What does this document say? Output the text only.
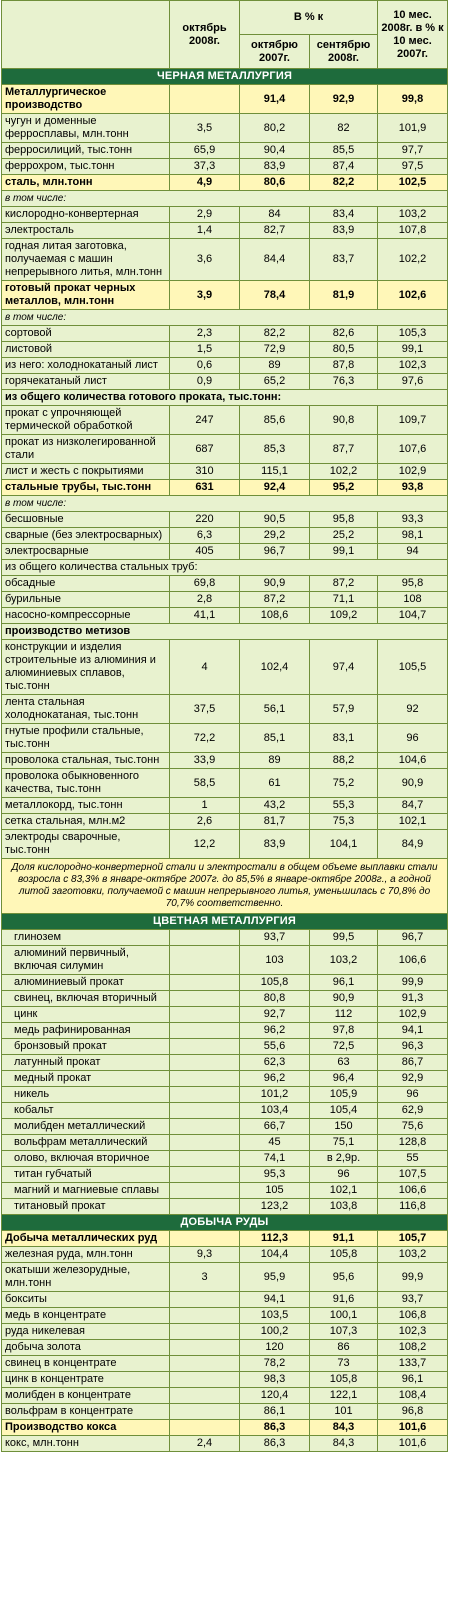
	октябрь 2008г.	В % к		10 мес. 2008г. в % к 10 мес. 2007г.
		октябрю 2007г.	сентябрю 2008г.	
ЧЕРНАЯ МЕТАЛЛУРГИЯ				
Металлургическое производство		91,4	92,9	99,8
чугун и доменные ферросплавы, млн.тонн	3,5	80,2	82	101,9
ферросилиций, тыс.тонн	65,9	90,4	85,5	97,7
феррохром, тыс.тонн	37,3	83,9	87,4	97,5
сталь, млн.тонн	4,9	80,6	82,2	102,5
в том числе:				
кислородно-конвертерная	2,9	84	83,4	103,2
электросталь	1,4	82,7	83,9	107,8
годная литая заготовка, получаемая с машин непрерывного литья, млн.тонн	3,6	84,4	83,7	102,2
готовый прокат черных металлов, млн.тонн	3,9	78,4	81,9	102,6
в том числе:				
сортовой	2,3	82,2	82,6	105,3
листовой	1,5	72,9	80,5	99,1
из него: холоднокатаный лист	0,6	89	87,8	102,3
горячекатаный лист	0,9	65,2	76,3	97,6
из общего количества готового проката, тыс.тонн:				
прокат с упрочняющей термической обработкой	247	85,6	90,8	109,7
прокат из низколегированной стали	687	85,3	87,7	107,6
лист и жесть с покрытиями	310	115,1	102,2	102,9
стальные трубы, тыс.тонн	631	92,4	95,2	93,8
в том числе:				
бесшовные	220	90,5	95,8	93,3
сварные (без электросварных)	6,3	29,2	25,2	98,1
электросварные	405	96,7	99,1	94
из общего количества стальных труб:				
обсадные	69,8	90,9	87,2	95,8
бурильные	2,8	87,2	71,1	108
насосно-компрессорные	41,1	108,6	109,2	104,7
производство метизов				
конструкции и изделия строительные из алюминия и алюминиевых сплавов, тыс.тонн	4	102,4	97,4	105,5
лента стальная холоднокатаная, тыс.тонн	37,5	56,1	57,9	92
гнутые профили стальные, тыс.тонн	72,2	85,1	83,1	96
проволока стальная, тыс.тонн	33,9	89	88,2	104,6
проволока обыкновенного качества, тыс.тонн	58,5	61	75,2	90,9
металлокорд, тыс.тонн	1	43,2	55,3	84,7
сетка стальная, млн.м2	2,6	81,7	75,3	102,1
электроды сварочные, тыс.тонн	12,2	83,9	104,1	84,9
Доля кислородно-конвертерной стали и электростали в общем объеме выплавки стали возросла с 83,3% в январе-октябре 2007г. до 85,5% в январе-октябре 2008г., а годной литой заготовки, получаемой с машин непрерывного литья, уменьшилась с 70,8% до 70,7% соответственно.				
ЦВЕТНАЯ МЕТАЛЛУРГИЯ				
глинозем		93,7	99,5	96,7
алюминий первичный, включая силумин		103	103,2	106,6
алюминиевый прокат		105,8	96,1	99,9
свинец, включая вторичный		80,8	90,9	91,3
цинк		92,7	112	102,9
медь рафинированная		96,2	97,8	94,1
бронзовый прокат		55,6	72,5	96,3
латунный прокат		62,3	63	86,7
медный прокат		96,2	96,4	92,9
никель		101,2	105,9	96
кобальт		103,4	105,4	62,9
молибден металлический		66,7	150	75,6
вольфрам металлический		45	75,1	128,8
олово, включая вторичное		74,1	в 2,9р.	55
титан губчатый		95,3	96	107,5
магний и магниевые сплавы		105	102,1	106,6
титановый прокат		123,2	103,8	116,8
ДОБЫЧА РУДЫ				
Добыча металлических руд		112,3	91,1	105,7
железная руда, млн.тонн	9,3	104,4	105,8	103,2
окатыши железорудные, млн.тонн	3	95,9	95,6	99,9
бокситы		94,1	91,6	93,7
медь в концентрате		103,5	100,1	106,8
руда никелевая		100,2	107,3	102,3
добыча золота		120	86	108,2
свинец в концентрате		78,2	73	133,7
цинк в концентрате		98,3	105,8	96,1
молибден в концентрате		120,4	122,1	108,4
вольфрам в концентрате		86,1	101	96,8
Производство кокса		86,3	84,3	101,6
кокс, млн.тонн	2,4	86,3	84,3	101,6
